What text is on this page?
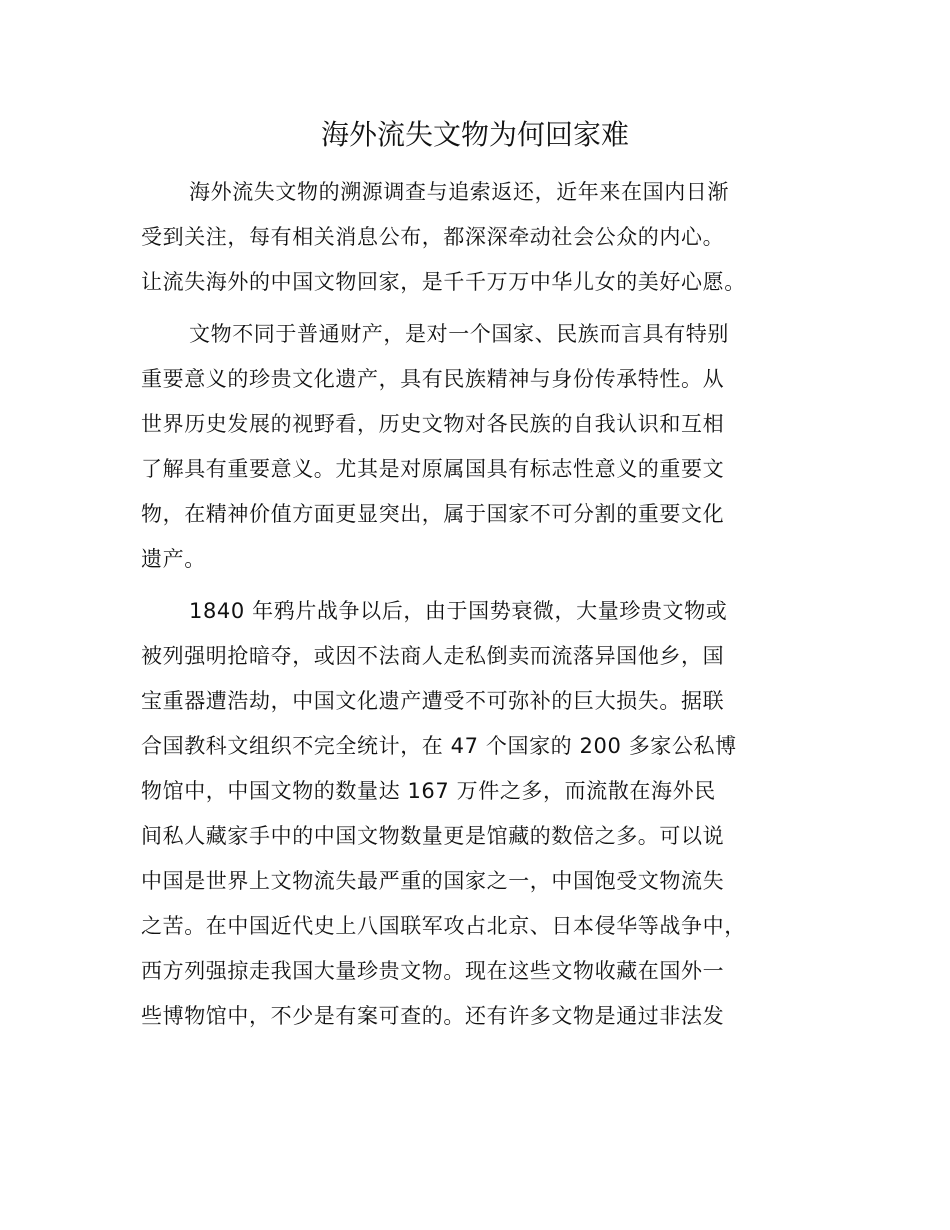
海外流失文物为何回家难
海外流失文物的溯源调查与追索返还，近年来在国内日渐
受到关注，每有相关消息公布，都深深牵动社会公众的内心。
让流失海外的中国文物回家，是千千万万中华儿女的美好心愿。
文物不同于普通财产，是对一个国家、民族而言具有特别
重要意义的珍贵文化遗产，具有民族精神与身份传承特性。从
世界历史发展的视野看，历史文物对各民族的自我认识和互相
了解具有重要意义。尤其是对原属国具有标志性意义的重要文
物，在精神价值方面更显突出，属于国家不可分割的重要文化
遗产。
1840 年鸦片战争以后，由于国势衰微，大量珍贵文物或
被列强明抢暗夺，或因不法商人走私倒卖而流落异国他乡，国
宝重器遭浩劫，中国文化遗产遭受不可弥补的巨大损失。据联
合国教科文组织不完全统计，在 47 个国家的 200 多家公私博
物馆中，中国文物的数量达 167 万件之多，而流散在海外民
间私人藏家手中的中国文物数量更是馆藏的数倍之多。可以说
中国是世界上文物流失最严重的国家之一，中国饱受文物流失
之苦。在中国近代史上八国联军攻占北京、日本侵华等战争中，
西方列强掠走我国大量珍贵文物。现在这些文物收藏在国外一
些博物馆中，不少是有案可查的。还有许多文物是通过非法发
